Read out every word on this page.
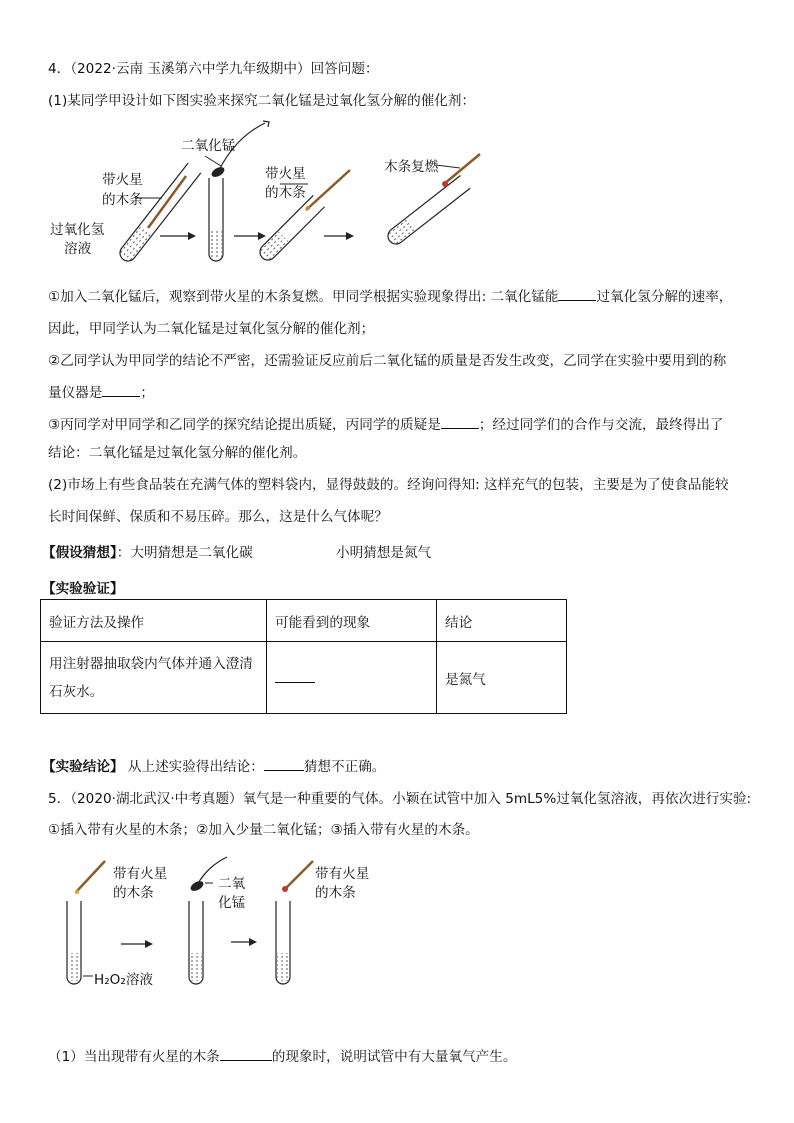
4．（2022·云南 玉溪第六中学九年级期中）回答问题：
(1)某同学甲设计如下图实验来探究二氧化锰是过氧化氢分解的催化剂：
二氧化锰
带火星
的木条
过氧化氢
溶液
带火星
的木条
木条复燃
①加入二氧化锰后，观察到带火星的木条复燃。甲同学根据实验现象得出: 二氧化锰能	过氧化氢分解的速率，
因此，甲同学认为二氧化锰是过氧化氢分解的催化剂；
②乙同学认为甲同学的结论不严密，还需验证反应前后二氧化锰的质量是否发生改变，乙同学在实验中要用到的称
量仪器是	；
③丙同学对甲同学和乙同学的探究结论提出质疑，丙同学的质疑是	；经过同学们的合作与交流，最终得出了
结论：二氧化锰是过氧化氢分解的催化剂。
(2)市场上有些食品装在充满气体的塑料袋内，显得鼓鼓的。经询问得知: 这样充气的包装，主要是为了使食品能较
长时间保鲜、保质和不易压碎。那么，这是什么气体呢？
【假设猜想】：大明猜想是二氧化碳	小明猜想是氮气
【实验验证】
验证方法及操作	可能看到的现象	结论
用注射器抽取袋内气体并通入澄清
石灰水。		是氮气
【实验结论】 从上述实验得出结论：	猜想不正确。
5．（2020·湖北武汉·中考真题）氧气是一种重要的气体。小颖在试管中加入 5mL5%过氧化氢溶液，再依次进行实验:
①插入带有火星的木条；②加入少量二氧化锰；③插入带有火星的木条。
带有火星
的木条
二氧
化锰
带有火星
的木条
H₂O₂溶液
（1）当出现带有火星的木条	的现象时，说明试管中有大量氧气产生。
